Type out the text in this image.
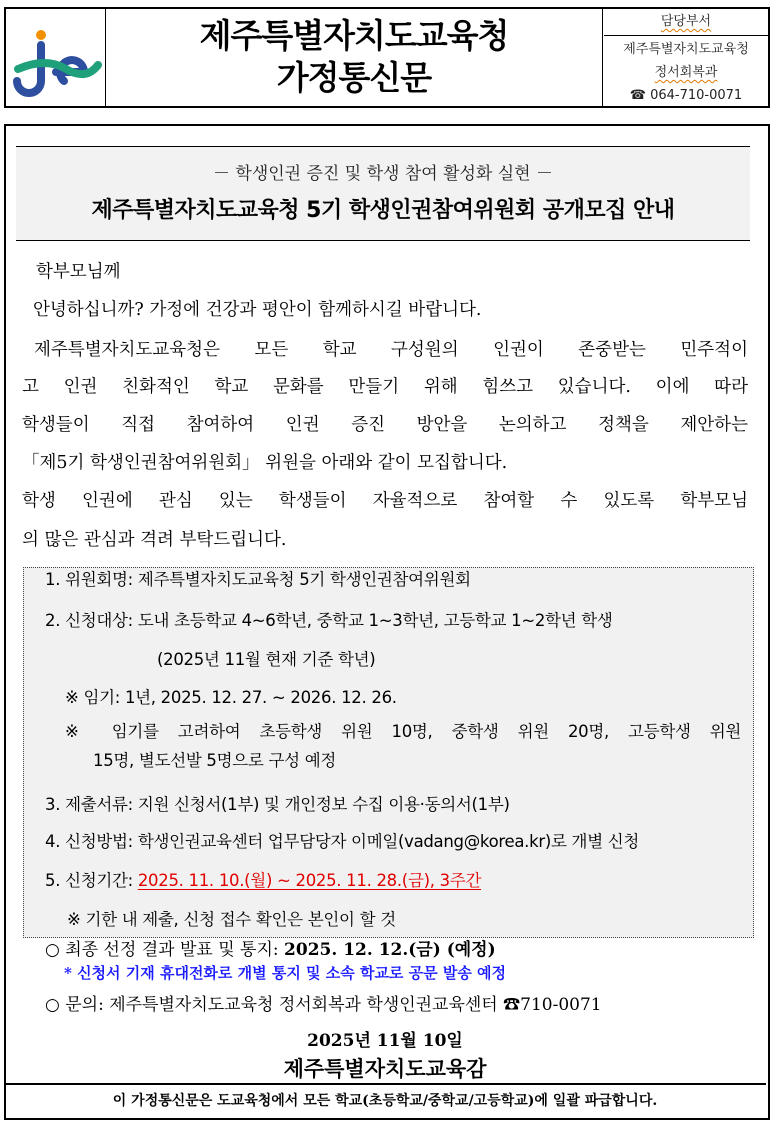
제주특별자치도교육청
가정통신문
담당부서
제주특별자치도교육청
정서회복과
☎ 064-710-0071
－ 학생인권 증진 및 학생 참여 활성화 실현 －
제주특별자치도교육청 5기 학생인권참여위원회 공개모집 안내
학부모님께
안녕하십니까? 가정에 건강과 평안이 함께하시길 바랍니다.
제주특별자치도교육청은 모든 학교 구성원의 인권이 존중받는 민주적이
고 인권 친화적인 학교 문화를 만들기 위해 힘쓰고 있습니다. 이에 따라
학생들이 직접 참여하여 인권 증진 방안을 논의하고 정책을 제안하는
「제5기 학생인권참여위원회」 위원을 아래와 같이 모집합니다.
학생 인권에 관심 있는 학생들이 자율적으로 참여할 수 있도록 학부모님
의 많은 관심과 격려 부탁드립니다.
1. 위원회명: 제주특별자치도교육청 5기 학생인권참여위원회
2. 신청대상: 도내 초등학교 4~6학년, 중학교 1~3학년, 고등학교 1~2학년 학생
(2025년 11월 현재 기준 학년)
※ 임기: 1년, 2025. 12. 27. ~ 2026. 12. 26.
※ 임기를 고려하여 초등학생 위원 10명, 중학생 위원 20명, 고등학생 위원
15명, 별도선발 5명으로 구성 예정
3. 제출서류: 지원 신청서(1부) 및 개인정보 수집 이용·동의서(1부)
4. 신청방법: 학생인권교육센터 업무담당자 이메일(vadang@korea.kr)로 개별 신청
5. 신청기간: 2025. 11. 10.(월) ~ 2025. 11. 28.(금), 3주간
※ 기한 내 제출, 신청 접수 확인은 본인이 할 것
○ 최종 선정 결과 발표 및 통지: 2025. 12. 12.(금) (예정)
* 신청서 기재 휴대전화로 개별 통지 및 소속 학교로 공문 발송 예정
○ 문의: 제주특별자치도교육청 정서회복과 학생인권교육센터 ☎710-0071
2025년 11월 10일
제주특별자치도교육감
이 가정통신문은 도교육청에서 모든 학교(초등학교/중학교/고등학교)에 일괄 파급합니다.
